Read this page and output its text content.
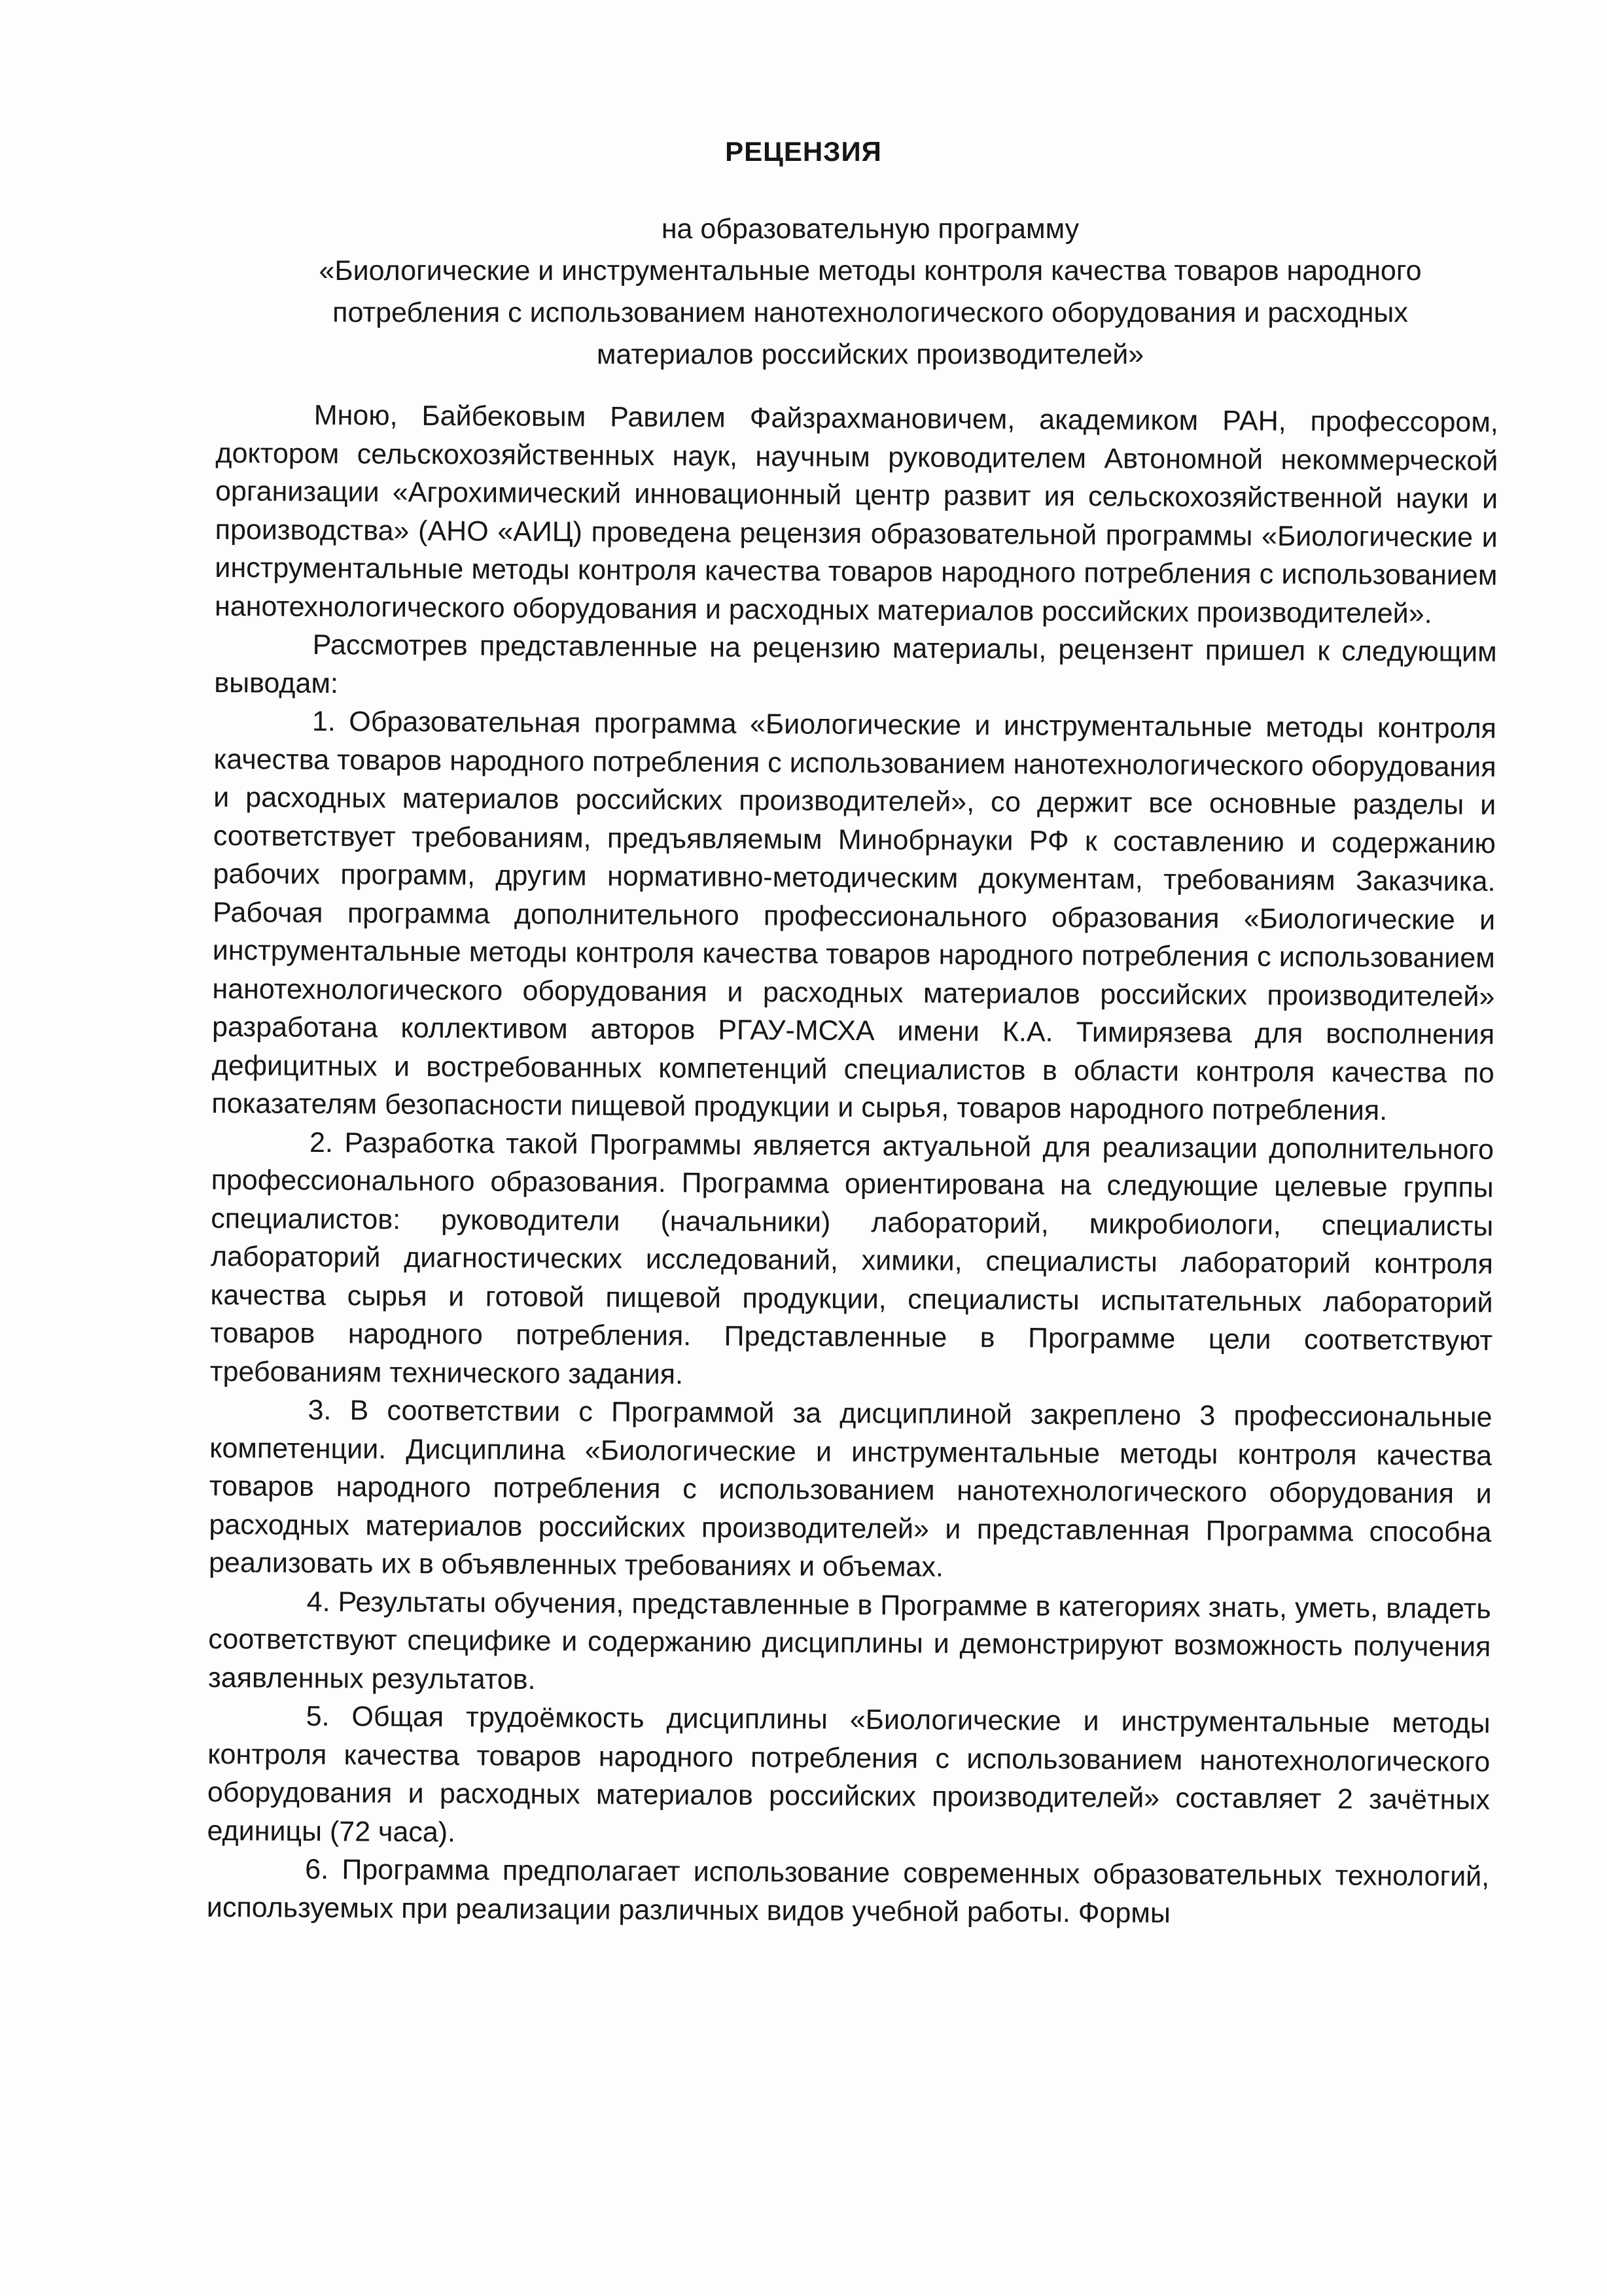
РЕЦЕНЗИЯ
на образовательную программу
«Биологические и инструментальные методы контроля качества товаров народного
потребления с использованием нанотехнологического оборудования и расходных
материалов российских производителей»

Мною, Байбековым Равилем Файзрахмановичем, академиком РАН, профессором, доктором сельскохозяйственных наук, научным руководителем Автономной некоммерческой организации «Агрохимический инновационный центр развит ия сельскохозяйственной науки и производства» (АНО «АИЦ) проведена рецензия образовательной программы «Биологические и инструментальные методы контроля качества товаров народного потребления с использованием нанотехнологического оборудования и расходных материалов российских производителей».

Рассмотрев представленные на рецензию материалы, рецензент пришел к следующим выводам:

1. Образовательная программа «Биологические и инструментальные методы контроля качества товаров народного потребления с использованием нанотехнологического оборудования и расходных материалов российских производителей», со держит все основные разделы и соответствует требованиям, предъявляемым Минобрнауки РФ к составлению и содержанию рабочих программ, другим нормативно-методическим документам, требованиям Заказчика. Рабочая программа дополнительного профессионального образования «Биологические и инструментальные методы контроля качества товаров народного потребления с использованием нанотехнологического оборудования и расходных материалов российских производителей» разработана коллективом авторов РГАУ-МСХА имени К.А. Тимирязева для восполнения дефицитных и востребованных компетенций специалистов в области контроля качества по показателям безопасности пищевой продукции и сырья, товаров народного потребления.

2. Разработка такой Программы является актуальной для реализации дополнительного профессионального образования. Программа ориентирована на следующие целевые группы специалистов: руководители (начальники) лабораторий, микробиологи, специалисты лабораторий диагностических исследований, химики, специалисты лабораторий контроля качества сырья и готовой пищевой продукции, специалисты испытательных лабораторий товаров народного потребления. Представленные в Программе цели соответствуют требованиям технического задания.

3. В соответствии с Программой за дисциплиной закреплено 3 профессиональные компетенции. Дисциплина «Биологические и инструментальные методы контроля качества товаров народного потребления с использованием нанотехнологического оборудования и расходных материалов российских производителей» и представленная Программа способна реализовать их в объявленных требованиях и объемах.

4. Результаты обучения, представленные в Программе в категориях знать, уметь, владеть соответствуют специфике и содержанию дисциплины и демонстрируют возможность получения заявленных результатов.

5. Общая трудоёмкость дисциплины «Биологические и инструментальные методы контроля качества товаров народного потребления с использованием нанотехнологического оборудования и расходных материалов российских производителей» составляет 2 зачётных единицы (72 часа).

6. Программа предполагает использование современных образовательных технологий, используемых при реализации различных видов учебной работы. Формы
